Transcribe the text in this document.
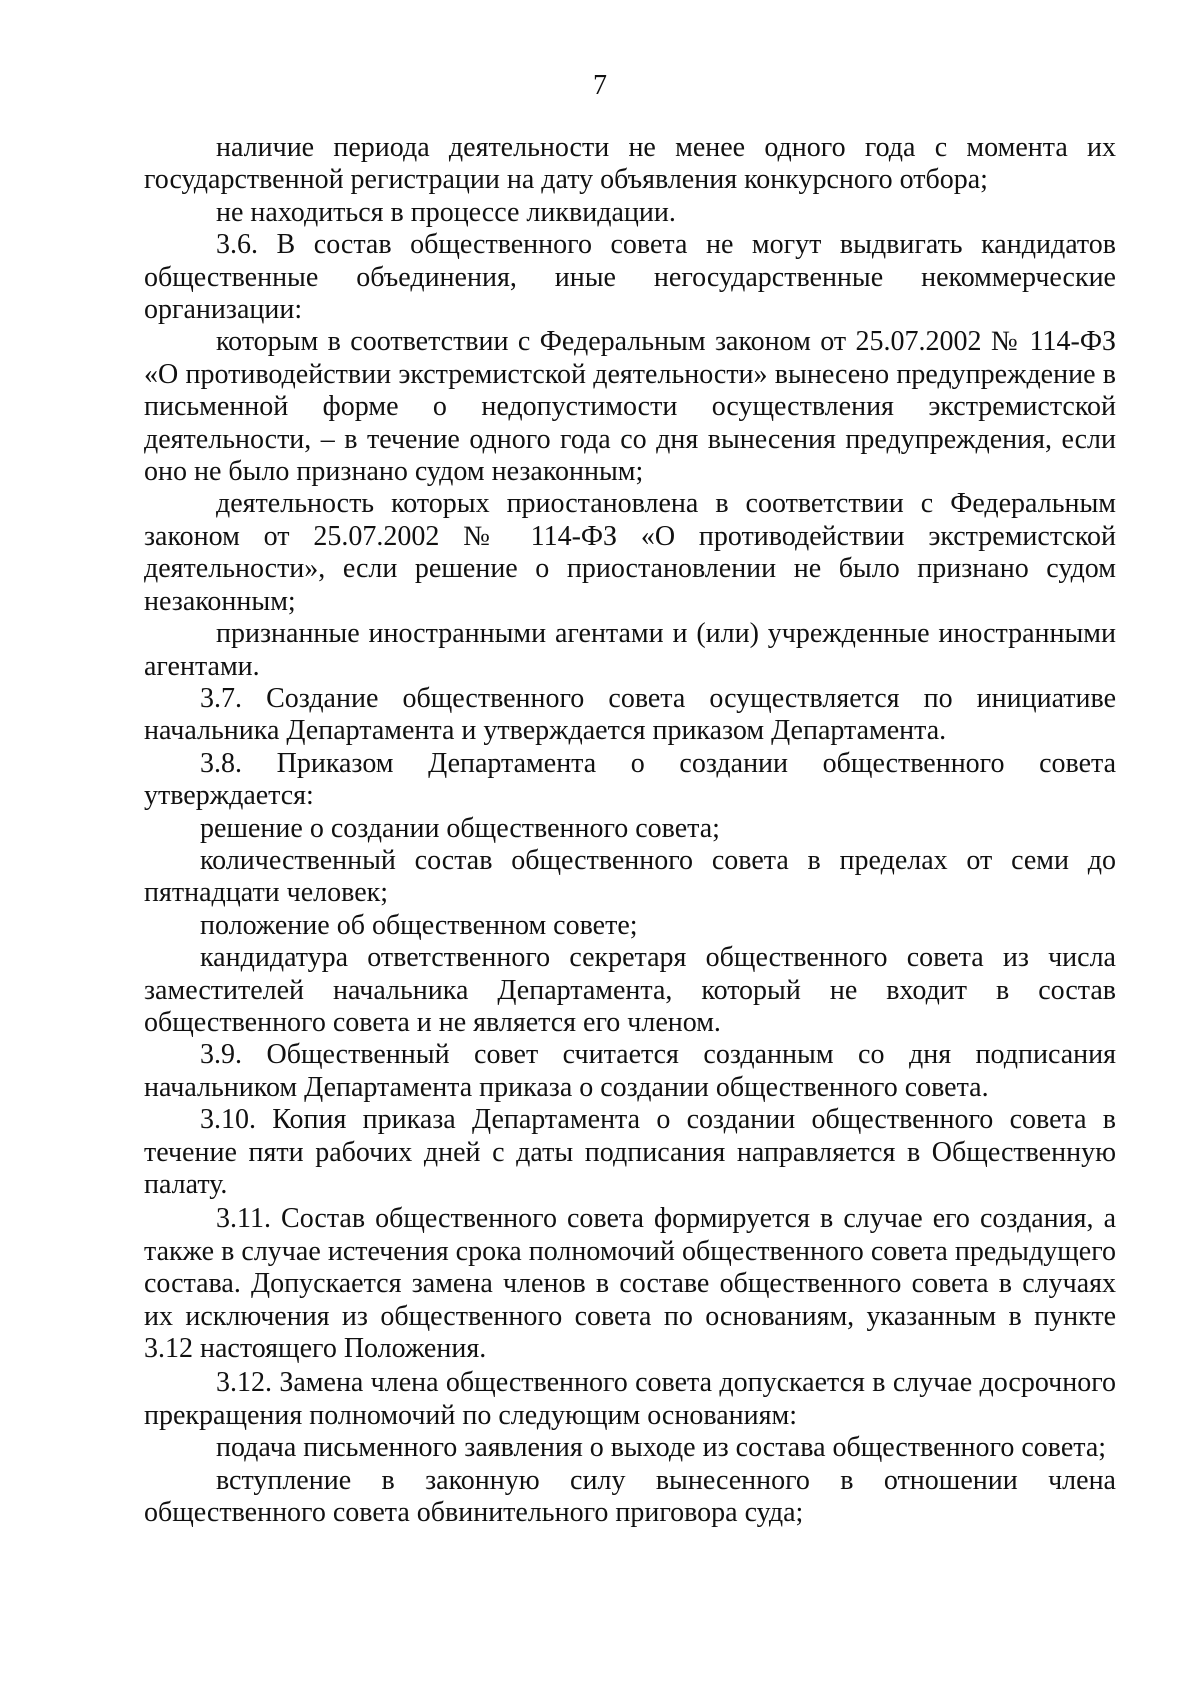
7

наличие периода деятельности не менее одного года с момента их государственной регистрации на дату объявления конкурсного отбора;

не находиться в процессе ликвидации.

3.6. В состав общественного совета не могут выдвигать кандидатов общественные объединения, иные негосударственные некоммерческие организации:

которым в соответствии с Федеральным законом от 25.07.2002 № 114-ФЗ «О противодействии экстремистской деятельности» вынесено предупреждение в письменной форме о недопустимости осуществления экстремистской деятельности, – в течение одного года со дня вынесения предупреждения, если оно не было признано судом незаконным;

деятельность которых приостановлена в соответствии с Федеральным законом от 25.07.2002 № 114-ФЗ «О противодействии экстремистской деятельности», если решение о приостановлении не было признано судом незаконным;

признанные иностранными агентами и (или) учрежденные иностранными агентами.

3.7. Создание общественного совета осуществляется по инициативе начальника Департамента и утверждается приказом Департамента.

3.8. Приказом Департамента о создании общественного совета утверждается:

решение о создании общественного совета;

количественный состав общественного совета в пределах от семи до пятнадцати человек;

положение об общественном совете;

кандидатура ответственного секретаря общественного совета из числа заместителей начальника Департамента, который не входит в состав общественного совета и не является его членом.

3.9. Общественный совет считается созданным со дня подписания начальником Департамента приказа о создании общественного совета.

3.10. Копия приказа Департамента о создании общественного совета в течение пяти рабочих дней с даты подписания направляется в Общественную палату.

3.11. Состав общественного совета формируется в случае его создания, а также в случае истечения срока полномочий общественного совета предыдущего состава. Допускается замена членов в составе общественного совета в случаях их исключения из общественного совета по основаниям, указанным в пункте 3.12 настоящего Положения.

3.12. Замена члена общественного совета допускается в случае досрочного прекращения полномочий по следующим основаниям:

подача письменного заявления о выходе из состава общественного совета;

вступление в законную силу вынесенного в отношении члена общественного совета обвинительного приговора суда;
